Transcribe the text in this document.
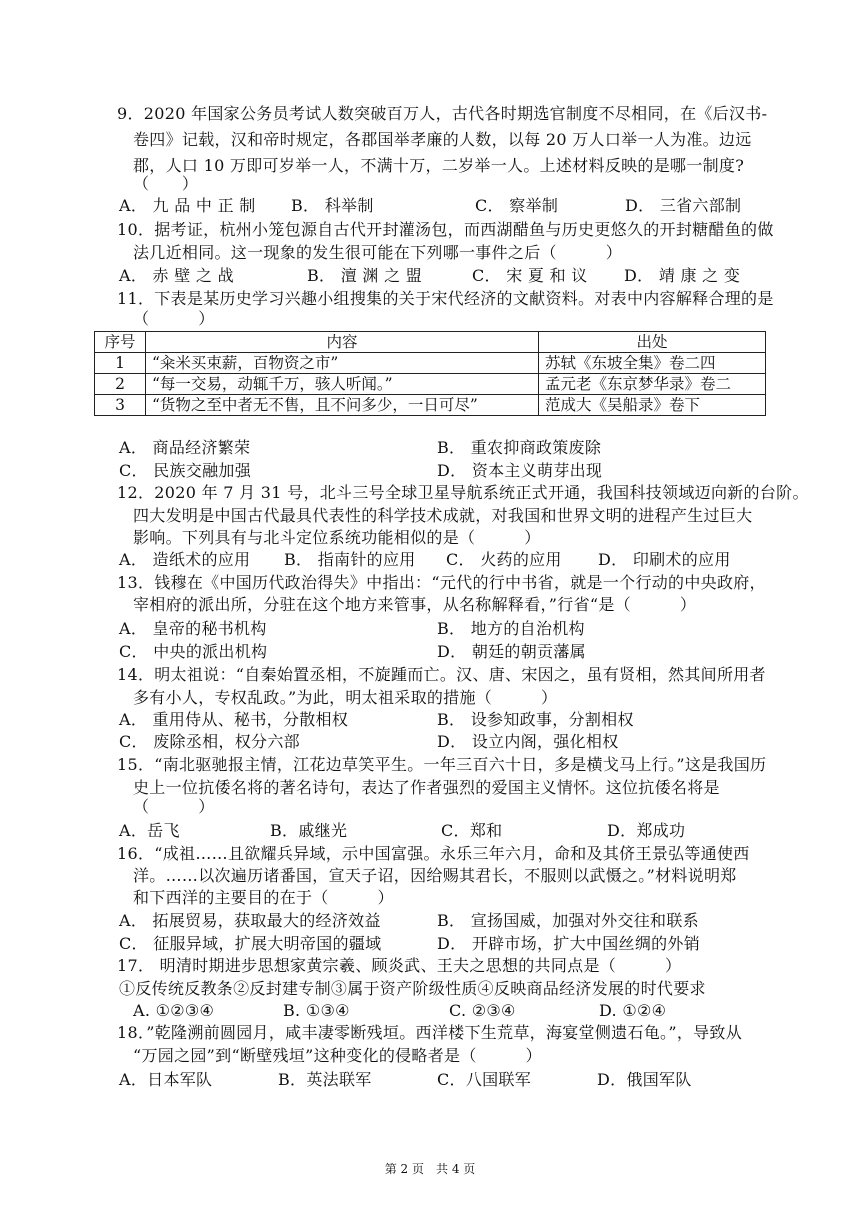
9．2020 年国家公务员考试人数突破百万人，古代各时期选官制度不尽相同，在《后汉书-
卷四》记载，汉和帝时规定，各郡国举孝廉的人数，以每 20 万人口举一人为准。边远
郡，人口 10 万即可岁举一人，不满十万，二岁举一人。上述材料反映的是哪一制度?
（　　）
A． 九 品 中 正 制 B． 科举制	C． 察举制	D． 三省六部制
10．据考证，杭州小笼包源自古代开封灌汤包，而西湖醋鱼与历史更悠久的开封糖醋鱼的做
法几近相同。这一现象的发生很可能在下列哪一事件之后（　　　）
A． 赤 壁 之 战	B． 澶 渊 之 盟	C． 宋 夏 和 议 D． 靖 康 之 变
11．下表是某历史学习兴趣小组搜集的关于宋代经济的文献资料。对表中内容解释合理的是
（　　　）
序号	内容	出处
1	“籴米买束薪，百物资之市”	苏轼《东坡全集》卷二四
2	“每一交易，动辄千万，骇人听闻。”	孟元老《东京梦华录》卷二
3	“货物之至中者无不售，且不问多少，一日可尽”	范成大《吴船录》卷下
A． 商品经济繁荣	B． 重农抑商政策废除
C． 民族交融加强	D． 资本主义萌芽出现
12．2020 年 7 月 31 号，北斗三号全球卫星导航系统正式开通，我国科技领域迈向新的台阶。
四大发明是中国古代最具代表性的科学技术成就，对我国和世界文明的进程产生过巨大
影响。下列具有与北斗定位系统功能相似的是（　　　）
A． 造纸术的应用 B． 指南针的应用 C． 火药的应用 D． 印刷术的应用
13．钱穆在《中国历代政治得失》中指出：“元代的行中书省，就是一个行动的中央政府，
宰相府的派出所，分驻在这个地方来管事，从名称解释看，”行省“是（　　　）
A． 皇帝的秘书机构	B． 地方的自治机构
C． 中央的派出机构	D． 朝廷的朝贡藩属
14．明太祖说：“自秦始置丞相，不旋踵而亡。汉、唐、宋因之，虽有贤相，然其间所用者
多有小人，专权乱政。”为此，明太祖采取的措施（　　　）
A． 重用侍从、秘书，分散相权	B． 设参知政事，分割相权
C． 废除丞相，权分六部	D． 设立内阁，强化相权
15．“南北驱驰报主情，江花边草笑平生。一年三百六十日，多是横戈马上行。”这是我国历
史上一位抗倭名将的著名诗句，表达了作者强烈的爱国主义情怀。这位抗倭名将是
（　　　）
A．岳飞	B．戚继光	C．郑和	D．郑成功
16．“成祖……且欲耀兵异域，示中国富强。永乐三年六月，命和及其侪王景弘等通使西
洋。……以次遍历诸番国，宣天子诏，因给赐其君长，不服则以武慑之。”材料说明郑
和下西洋的主要目的在于（　　　）
A． 拓展贸易，获取最大的经济效益	B． 宣扬国威，加强对外交往和联系
C． 征服异域，扩展大明帝国的疆域	D． 开辟市场，扩大中国丝绸的外销
17． 明清时期进步思想家黄宗羲、顾炎武、王夫之思想的共同点是（　　　）
①反传统反教条②反封建专制③属于资产阶级性质④反映商品经济发展的时代要求
A. ①②③④	B. ①③④	C. ②③④	D. ①②④
18．”乾隆溯前圆园月，咸丰凄零断残垣。西洋楼下生荒草，海宴堂侧遗石龟。”，导致从
“万园之园”到“断壁残垣”这种变化的侵略者是（　　　）
A．日本军队	B．英法联军	C．八国联军	D．俄国军队
第 2 页　共 4 页
